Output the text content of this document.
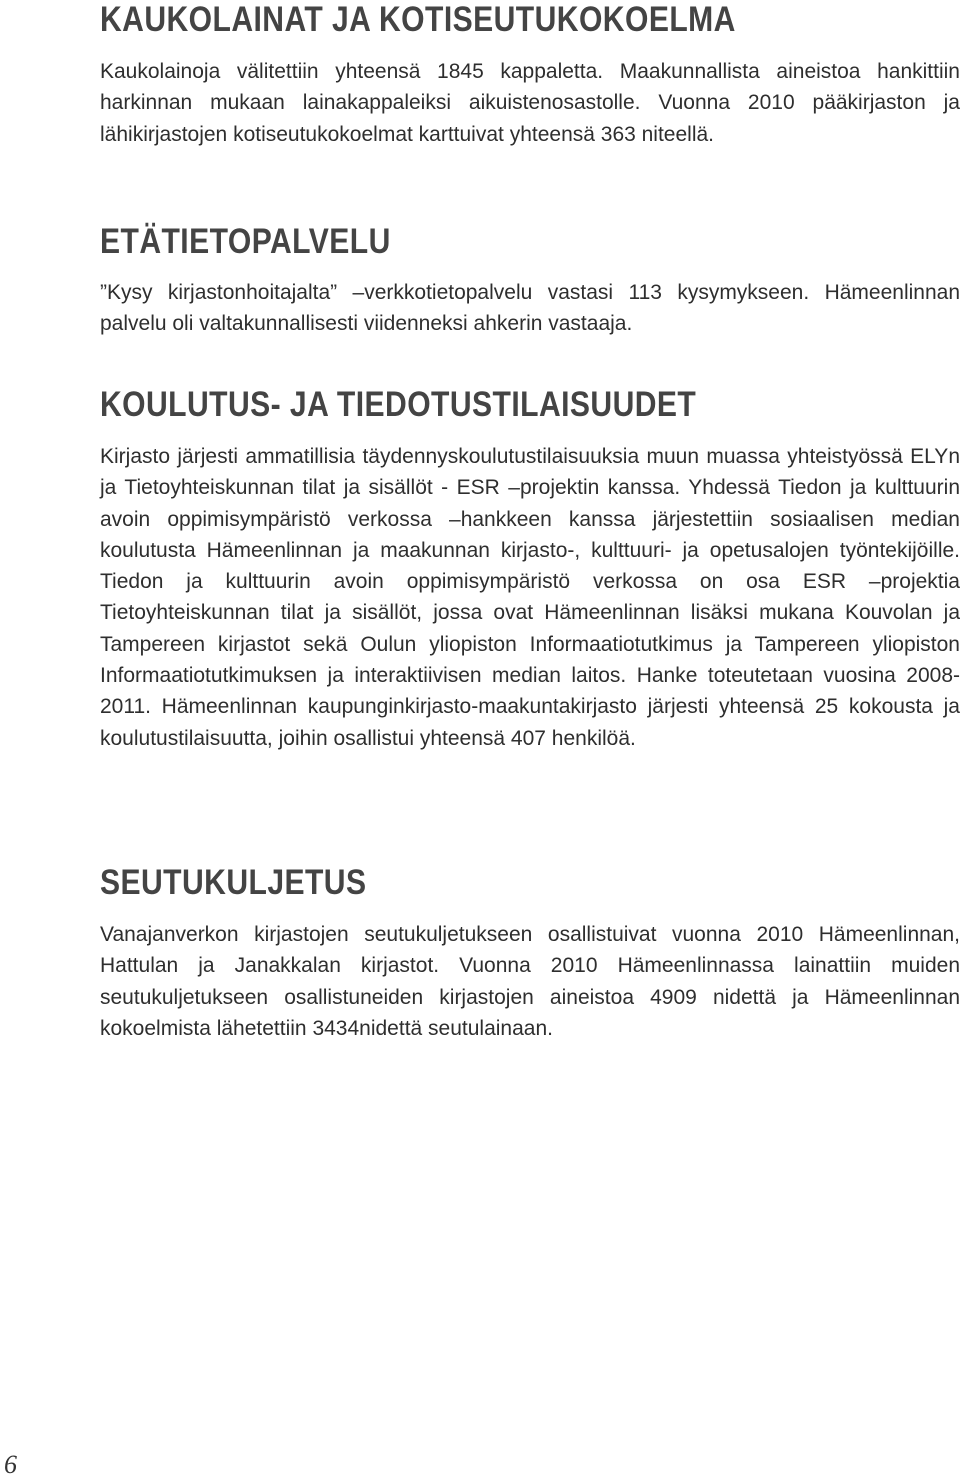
KAUKOLAINAT JA KOTISEUTUKOKOELMA

Kaukolainoja välitettiin yhteensä 1845 kappaletta. Maakunnallista aineistoa hankittiin harkinnan mukaan lainakappaleiksi aikuistenosastolle. Vuonna 2010 pääkirjaston ja lähikirjastojen kotiseutukokoelmat karttuivat yhteensä 363 niteellä.

ETÄTIETOPALVELU

”Kysy kirjastonhoitajalta” –verkkotietopalvelu vastasi 113 kysymykseen. Hämeenlinnan palvelu oli valtakunnallisesti viidenneksi ahkerin vastaaja.

KOULUTUS- JA TIEDOTUSTILAISUUDET

Kirjasto järjesti ammatillisia täydennyskoulutustilaisuuksia muun muassa yhteistyössä ELYn ja Tietoyhteiskunnan tilat ja sisällöt - ESR –projektin kanssa. Yhdessä Tiedon ja kulttuurin avoin oppimisympäristö verkossa –hankkeen kanssa järjestettiin sosiaalisen median koulutusta Hämeenlinnan ja maakunnan kirjasto-, kulttuuri- ja opetusalojen työntekijöille. Tiedon ja kulttuurin avoin oppimisympäristö verkossa on osa ESR –projektia Tietoyhteiskunnan tilat ja sisällöt, jossa ovat Hämeenlinnan lisäksi mukana Kouvolan ja Tampereen kirjastot sekä Oulun yliopiston Informaatiotutkimus ja Tampereen yliopiston Informaatiotutkimuksen ja interaktiivisen median laitos. Hanke toteutetaan vuosina 2008-2011. Hämeenlinnan kaupunginkirjasto-maakuntakirjasto järjesti yhteensä 25 kokousta ja koulutustilaisuutta, joihin osallistui yhteensä 407 henkilöä.

SEUTUKULJETUS

Vanajanverkon kirjastojen seutukuljetukseen osallistuivat vuonna 2010 Hämeenlinnan, Hattulan ja Janakkalan kirjastot. Vuonna 2010 Hämeenlinnassa lainattiin muiden seutukuljetukseen osallistuneiden kirjastojen aineistoa 4909 nidettä ja Hämeenlinnan kokoelmista lähetettiin 3434nidettä seutulainaan.

6
